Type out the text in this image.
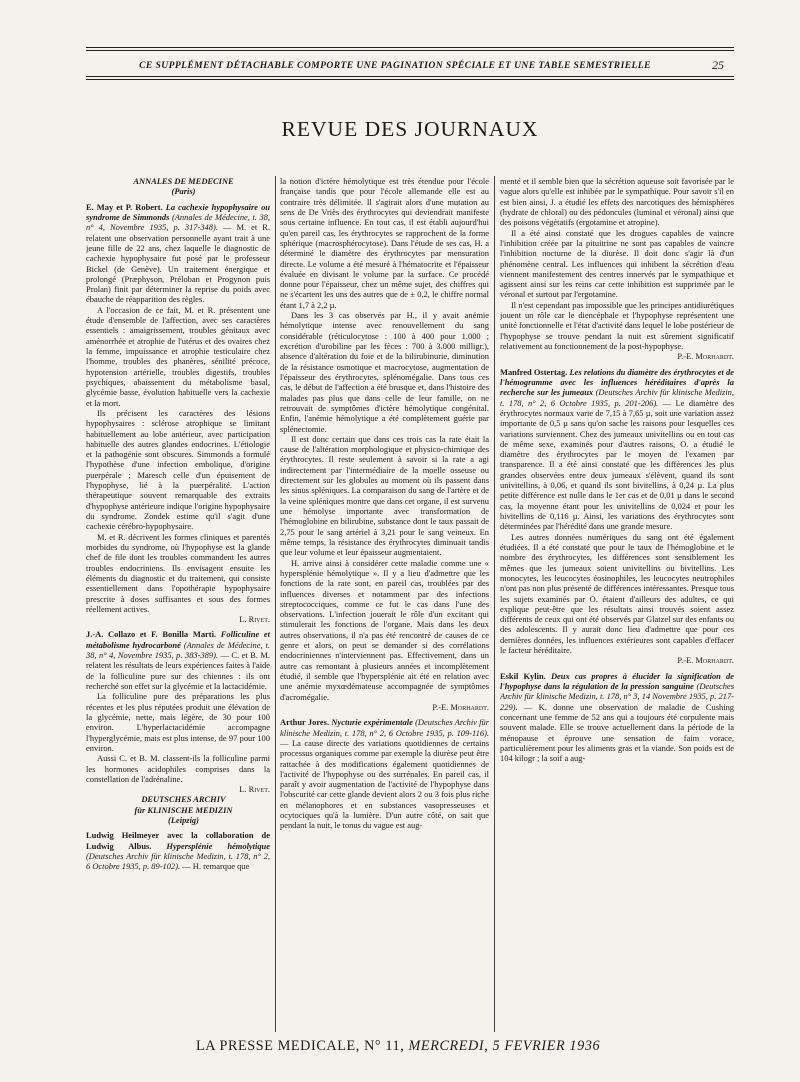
CE SUPPLÉMENT DÉTACHABLE COMPORTE UNE PAGINATION SPÉCIALE ET UNE TABLE SEMESTRIELLE	25
REVUE DES JOURNAUX

ANNALES DE MEDECINE

(Paris)

E. May et P. Robert. La cachexie hypophysaire ou syndrome de Simmonds (Annales de Médecine, t. 38, n° 4, Novembre 1935, p. 317-348). — M. et R. relatent une observation personnelle ayant trait à une jeune fille de 22 ans, chez laquelle le diagnostic de cachexie hypophysaire fut posé par le professeur Bickel (de Genève). Un traitement énergique et prolongé (Præphyson, Préloban et Progynon puis Prolan) finit par déterminer la reprise du poids avec ébauche de réapparition des règles.

A l'occasion de ce fait, M. et R. présentent une étude d'ensemble de l'affection, avec ses caractères essentiels : amaigrissement, troubles génitaux avec aménorrhée et atrophie de l'utérus et des ovaires chez la femme, impuissance et atrophie testiculaire chez l'homme, troubles des phanères, sénilité précoce, hypotension artérielle, troubles digestifs, troubles psychiques, abaissement du métabolisme basal, glycémie basse, évolution habituelle vers la cachexie et la mort.

Ils précisent les caractères des lésions hypophysaires : sclérose atrophique se limitant habituellement au lobe antérieur, avec participation habituelle des autres glandes endocrines. L'étiologie et la pathogénie sont obscures. Simmonds a formulé l'hypothèse d'une infection embolique, d'origine puerpérale ; Maresch celle d'un épuisement de l'hypophyse, lié à la puerpéralité. L'action thérapeutique souvent remarquable des extraits d'hypophyse antérieure indique l'origine hypophysaire du syndrome. Zondek estime qu'il s'agit d'une cachexie cérébro-hypophysaire.

M. et R. décrivent les formes cliniques et parentés morbides du syndrome, où l'hypophyse est la glande chef de file dont les troubles commandent les autres troubles endocriniens. Ils envisagent ensuite les éléments du diagnostic et du traitement, qui consiste essentiellement dans l'opothérapie hypophysaire prescrite à doses suffisantes et sous des formes réellement actives.

L. Rivet.

J.-A. Collazo et F. Bonilla Marti. Folliculine et métabolisme hydrocarboné (Annales de Médecine, t. 38, n° 4, Novembre 1935, p. 383-389). — C. et B. M. relatent les résultats de leurs expériences faites à l'aide de la folliculine pure sur des chiennes : ils ont recherché son effet sur la glycémie et la lactacidémie.

La folliculine pure des préparations les plus récentes et les plus réputées produit une élévation de la glycémie, nette, mais légère, de 30 pour 100 environ. L'hyperlactacidémie accompagne l'hyperglycémie, mais est plus intense, de 97 pour 100 environ.

Aussi C. et B. M. classent-ils la folliculine parmi les hormones acidophiles comprises dans la constellation de l'adrénaline.

L. Rivet.

DEUTSCHES ARCHIV

für KLINISCHE MEDIZIN

(Leipzig)

Ludwig Heilmeyer avec la collaboration de Ludwig Albus. Hypersplénie hémolytique (Deutsches Archiv für klinische Medizin, t. 178, n° 2, 6 Octobre 1935, p. 89-102). — H. remarque que

la notion d'ictère hémolytique est très étendue pour l'école française tandis que pour l'école allemande elle est au contraire très délimitée. Il s'agirait alors d'une mutation au sens de De Vriès des érythrocytes qui deviendrait manifeste sous certaine influence. En tout cas, il est établi aujourd'hui qu'en pareil cas, les érythrocytes se rapprochent de la forme sphérique (macrosphérocytose). Dans l'étude de ses cas, H. a déterminé le diamètre des érythrocytes par mensuration directe. Le volume a été mesuré à l'hématocrite et l'épaisseur évaluée en divisant le volume par la surface. Ce procédé donne pour l'épaisseur, chez un même sujet, des chiffres qui ne s'écartent les uns des autres que de ± 0,2, le chiffre normal étant 1,7 à 2,2 µ.

Dans les 3 cas observés par H., il y avait anémie hémolytique intense avec renouvellement du sang considérable (réticulocytose : 100 à 400 pour 1.000 ; excrétion d'urobiline par les fèces : 700 à 3.000 milligr.), absence d'altération du foie et de la bilirubinurie, diminution de la résistance osmotique et macrocytose, augmentation de l'épaisseur des érythrocytes, splénomégalie. Dans tous ces cas, le début de l'affection a été brusque et, dans l'histoire des malades pas plus que dans celle de leur famille, on ne retrouvait de symptômes d'ictère hémolytique congénital. Enfin, l'anémie hémolytique a été complètement guérie par splénectomie.

Il est donc certain que dans ces trois cas la rate était la cause de l'altération morphologique et physico-chimique des érythrocytes. Il reste seulement à savoir si la rate a agi indirectement par l'intermédiaire de la moelle osseuse ou directement sur les globules au moment où ils passent dans les sinus spléniques. La comparaison du sang de l'artère et de la veine spléniques montre que dans cet organe, il est survenu une hémolyse importante avec transformation de l'hémoglobine en bilirubine, substance dont le taux passait de 2,75 pour le sang artériel à 3,21 pour le sang veineux. En même temps, la résistance des érythrocytes diminuait tandis que leur volume et leur épaisseur augmentaient.

H. arrive ainsi à considérer cette maladie comme une « hypersplénie hémolytique ». Il y a lieu d'admettre que les fonctions de la rate sont, en pareil cas, troublées par des influences diverses et notamment par des infections streptococciques, comme ce fut le cas dans l'une des observations. L'infection jouerait le rôle d'un excitant qui stimulerait les fonctions de l'organe. Mais dans les deux autres observations, il n'a pas été rencontré de causes de ce genre et alors, on peut se demander si des corrélations endocriniennes n'interviennent pas. Effectivement, dans un autre cas remontant à plusieurs années et incomplètement étudié, il semble que l'hypersplénie ait été en relation avec une anémie myxœdémateuse accompagnée de symptômes d'acromégalie.

P.-E. Morhardt.

Arthur Jores. Nycturie expérimentale (Deutsches Archiv für klinische Medizin, t. 178, n° 2, 6 Octobre 1935, p. 109-116). — La cause directe des variations quotidiennes de certains processus organiques comme par exemple la diurèse peut être rattachée à des modifications également quotidiennes de l'activité de l'hypophyse ou des surrénales. En pareil cas, il paraît y avoir augmentation de l'activité de l'hypophyse dans l'obscurité car cette glande devient alors 2 ou 3 fois plus riche en mélanophores et en substances vasopresseuses et ocytociques qu'à la lumière. D'un autre côté, on sait que pendant la nuit, le tonus du vague est aug-

menté et il semble bien que la sécrétion aqueuse soit favorisée par le vague alors qu'elle est inhibée par le sympathique. Pour savoir s'il en est bien ainsi, J. a étudié les effets des narcotiques des hémisphères (hydrate de chloral) ou des pédoncules (luminal et véronal) ainsi que des poisons végétatifs (ergotamine et atropine).

Il a été ainsi constaté que les drogues capables de vaincre l'inhibition créée par la pituitrine ne sont pas capables de vaincre l'inhibition nocturne de la diurèse. Il doit donc s'agir là d'un phénomène central. Les influences qui inhibent la sécrétion d'eau viennent manifestement des centres innervés par le sympathique et agissent ainsi sur les reins car cette inhibition est supprimée par le véronal et surtout par l'ergotamine.

Il n'est cependant pas impossible que les principes antidiurétiques jouent un rôle car le diencéphale et l'hypophyse représentent une unité fonctionnelle et l'état d'activité dans lequel le lobe postérieur de l'hypophyse se trouve pendant la nuit est sûrement significatif relativement au fonctionnement de la post-hypophyse.

P.-E. Morhardt.

Manfred Ostertag. Les relations du diamètre des érythrocytes et de l'hémogramme avec les influences héréditaires d'après la recherche sur les jumeaux (Deutsches Archiv für klinische Medizin, t. 178, n° 2, 6 Octobre 1935, p. 201-206). — Le diamètre des érythrocytes normaux varie de 7,15 à 7,65 µ, soit une variation assez importante de 0,5 µ sans qu'on sache les raisons pour lesquelles ces variations surviennent. Chez des jumeaux univitellins ou en tout cas de même sexe, examinés pour d'autres raisons, O. a étudié le diamètre des érythrocytes par le moyen de l'examen par transparence. Il a été ainsi constaté que les différences les plus grandes observées entre deux jumeaux s'élèvent, quand ils sont univitellins, à 0,06, et quand ils sont bivitellins, à 0,24 µ. La plus petite différence est nulle dans le 1er cas et de 0,01 µ dans le second cas, la moyenne étant pour les univitellins de 0,024 et pour les bivitellins de 0,116 µ. Ainsi, les variations des érythrocytes sont déterminées par l'hérédité dans une grande mesure.

Les autres données numériques du sang ont été également étudiées. Il a été constaté que pour le taux de l'hémoglobine et le nombre des érythrocytes, les différences sont sensiblement les mêmes que les jumeaux soient univitellins ou bivitellins. Les monocytes, les leucocytes éosinophiles, les leucocytes neutrophiles n'ont pas non plus présenté de différences intéressantes. Presque tous les sujets examinés par O. étaient d'ailleurs des adultes, ce qui explique peut-être que les résultats ainsi trouvés soient assez différents de ceux qui ont été observés par Glatzel sur des enfants ou des adolescents. Il y aurait donc lieu d'admettre que pour ces dernières données, les influences extérieures sont capables d'effacer le facteur héréditaire.

P.-E. Morhardt.

Eskil Kylin. Deux cas propres à élucider la signification de l'hypophyse dans la régulation de la pression sanguine (Deutsches Archiv für klinische Medizin, t. 178, n° 3, 14 Novembre 1935, p. 217-229). — K. donne une observation de maladie de Cushing concernant une femme de 52 ans qui a toujours été corpulente mais souvent malade. Elle se trouve actuellement dans la période de la ménopause et éprouve une sensation de faim vorace, particulièrement pour les aliments gras et la viande. Son poids est de 104 kilogr ; la soif a aug-

LA PRESSE MEDICALE, N° 11, MERCREDI, 5 FEVRIER 1936
